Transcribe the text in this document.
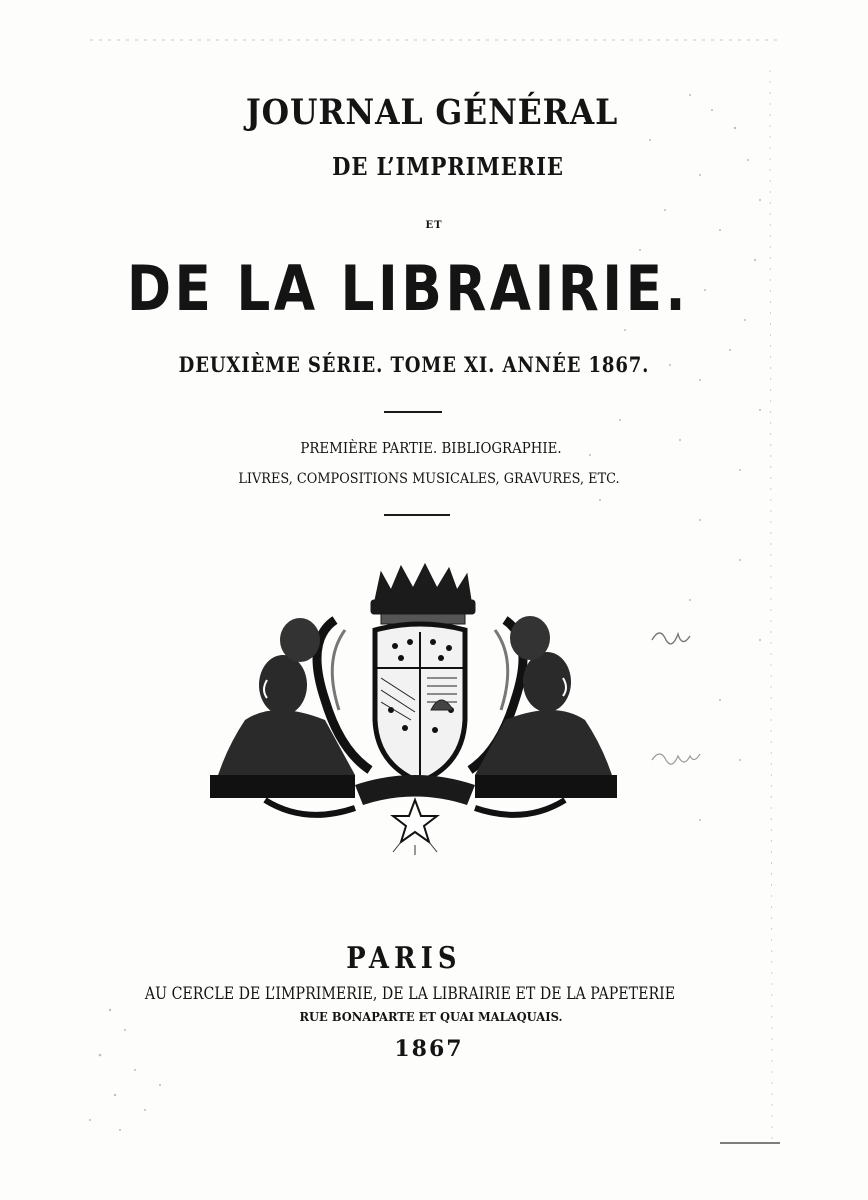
JOURNAL GÉNÉRAL
DE L’IMPRIMERIE
ET
DE LA LIBRAIRIE.
DEUXIÈME SÉRIE. TOME XI. ANNÉE 1867.
PREMIÈRE PARTIE. BIBLIOGRAPHIE.
LIVRES, COMPOSITIONS MUSICALES, GRAVURES, ETC.
PARIS
AU CERCLE DE L’IMPRIMERIE, DE LA LIBRAIRIE ET DE LA PAPETERIE
RUE BONAPARTE ET QUAI MALAQUAIS.
1867
